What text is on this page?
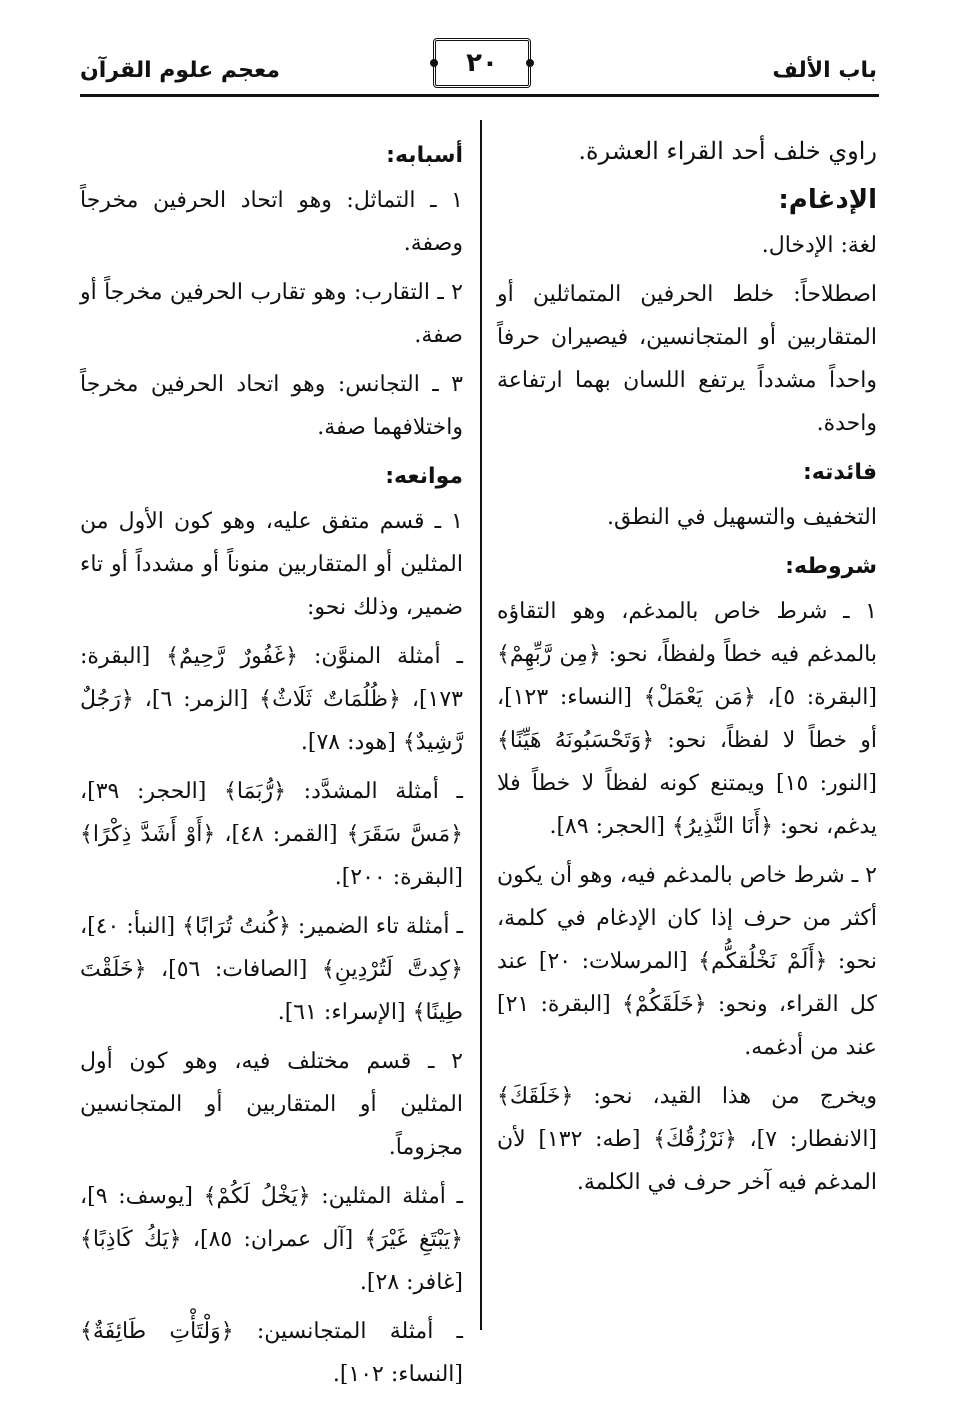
باب الألف
٢٠
معجم علوم القرآن

راوي خلف أحد القراء العشرة.

الإدغام:

لغة: الإدخال.

اصطلاحاً: خلط الحرفين المتماثلين أو المتقاربين أو المتجانسين، فيصيران حرفاً واحداً مشدداً يرتفع اللسان بهما ارتفاعة واحدة.

فائدته:

التخفيف والتسهيل في النطق.

شروطه:

١ ـ شرط خاص بالمدغم، وهو التقاؤه بالمدغم فيه خطاً ولفظاً، نحو: ﴿مِن رَّبِّهِمْ﴾ [البقرة: ٥]، ﴿مَن يَعْمَلْ﴾ [النساء: ١٢٣]، أو خطاً لا لفظاً، نحو: ﴿وَتَحْسَبُونَهُ هَيِّنًا﴾ [النور: ١٥] ويمتنع كونه لفظاً لا خطاً فلا يدغم، نحو: ﴿أَنَا النَّذِيرُ﴾ [الحجر: ٨٩].

٢ ـ شرط خاص بالمدغم فيه، وهو أن يكون أكثر من حرف إذا كان الإدغام في كلمة، نحو: ﴿أَلَمْ نَخْلُقكُّم﴾ [المرسلات: ٢٠] عند كل القراء، ونحو: ﴿خَلَقَكُمْ﴾ [البقرة: ٢١] عند من أدغمه.

ويخرج من هذا القيد، نحو: ﴿خَلَقَكَ﴾ [الانفطار: ٧]، ﴿نَرْزُقُكَ﴾ [طه: ١٣٢] لأن المدغم فيه آخر حرف في الكلمة.

أسبابه:

١ ـ التماثل: وهو اتحاد الحرفين مخرجاً وصفة.

٢ ـ التقارب: وهو تقارب الحرفين مخرجاً أو صفة.

٣ ـ التجانس: وهو اتحاد الحرفين مخرجاً واختلافهما صفة.

موانعه:

١ ـ قسم متفق عليه، وهو كون الأول من المثلين أو المتقاربين منوناً أو مشدداً أو تاء ضمير، وذلك نحو:

ـ أمثلة المنوَّن: ﴿غَفُورٌ رَّحِيمٌ﴾ [البقرة: ١٧٣]، ﴿ظُلُمَاتٌ ثَلَاثٌ﴾ [الزمر: ٦]، ﴿رَجُلٌ رَّشِيدٌ﴾ [هود: ٧٨].

ـ أمثلة المشدَّد: ﴿رُّبَمَا﴾ [الحجر: ٣٩]، ﴿مَسَّ سَقَرَ﴾ [القمر: ٤٨]، ﴿أَوْ أَشَدَّ ذِكْرًا﴾ [البقرة: ٢٠٠].

ـ أمثلة تاء الضمير: ﴿كُنتُ تُرَابًا﴾ [النبأ: ٤٠]، ﴿كِدتَّ لَتُرْدِينِ﴾ [الصافات: ٥٦]، ﴿خَلَقْتَ طِينًا﴾ [الإسراء: ٦١].

٢ ـ قسم مختلف فيه، وهو كون أول المثلين أو المتقاربين أو المتجانسين مجزوماً.

ـ أمثلة المثلين: ﴿يَخْلُ لَكُمْ﴾ [يوسف: ٩]، ﴿يَبْتَغِ غَيْرَ﴾ [آل عمران: ٨٥]، ﴿يَكُ كَاذِبًا﴾ [غافر: ٢٨].

ـ أمثلة المتجانسين: ﴿وَلْتَأْتِ طَائِفَةٌ﴾ [النساء: ١٠٢].
